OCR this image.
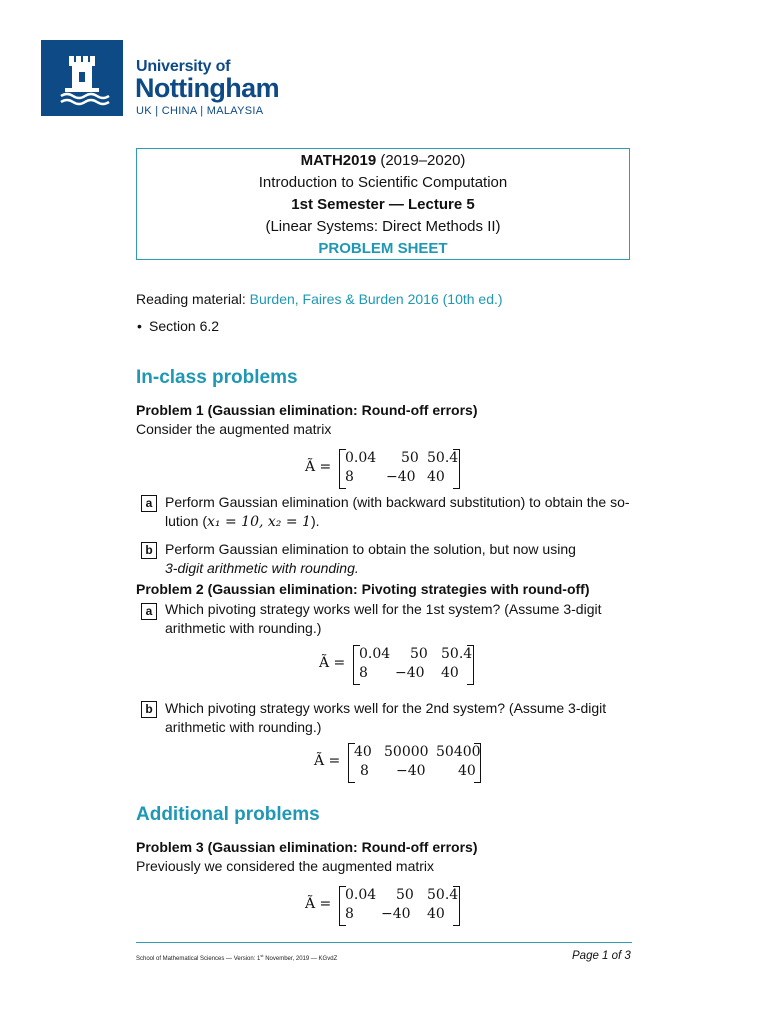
University of
Nottingham
UK | CHINA | MALAYSIA
MATH2019 (2019–2020)
Introduction to Scientific Computation
1st Semester — Lecture 5
(Linear Systems: Direct Methods II)
PROBLEM SHEET
Reading material: Burden, Faires & Burden 2016 (10th ed.)
• Section 6.2
In-class problems
Problem 1 (Gaussian elimination: Round-off errors)
Consider the augmented matrix
Ã =
0.04 50 50.4
8 −40 40
a Perform Gaussian elimination (with backward substitution) to obtain the so-
lution (x₁ = 10, x₂ = 1).
b Perform Gaussian elimination to obtain the solution, but now using
3-digit arithmetic with rounding.
Problem 2 (Gaussian elimination: Pivoting strategies with round-off)
a Which pivoting strategy works well for the 1st system? (Assume 3-digit
arithmetic with rounding.)
Ã =
0.04 50 50.4
8 −40 40
b Which pivoting strategy works well for the 2nd system? (Assume 3-digit
arithmetic with rounding.)
Ã =
40 50000 50400
8 −40 40
Additional problems
Problem 3 (Gaussian elimination: Round-off errors)
Previously we considered the augmented matrix
Ã =
0.04 50 50.4
8 −40 40
School of Mathematical Sciences — Version: 1st November, 2019 — KGvdZ	Page 1 of 3
